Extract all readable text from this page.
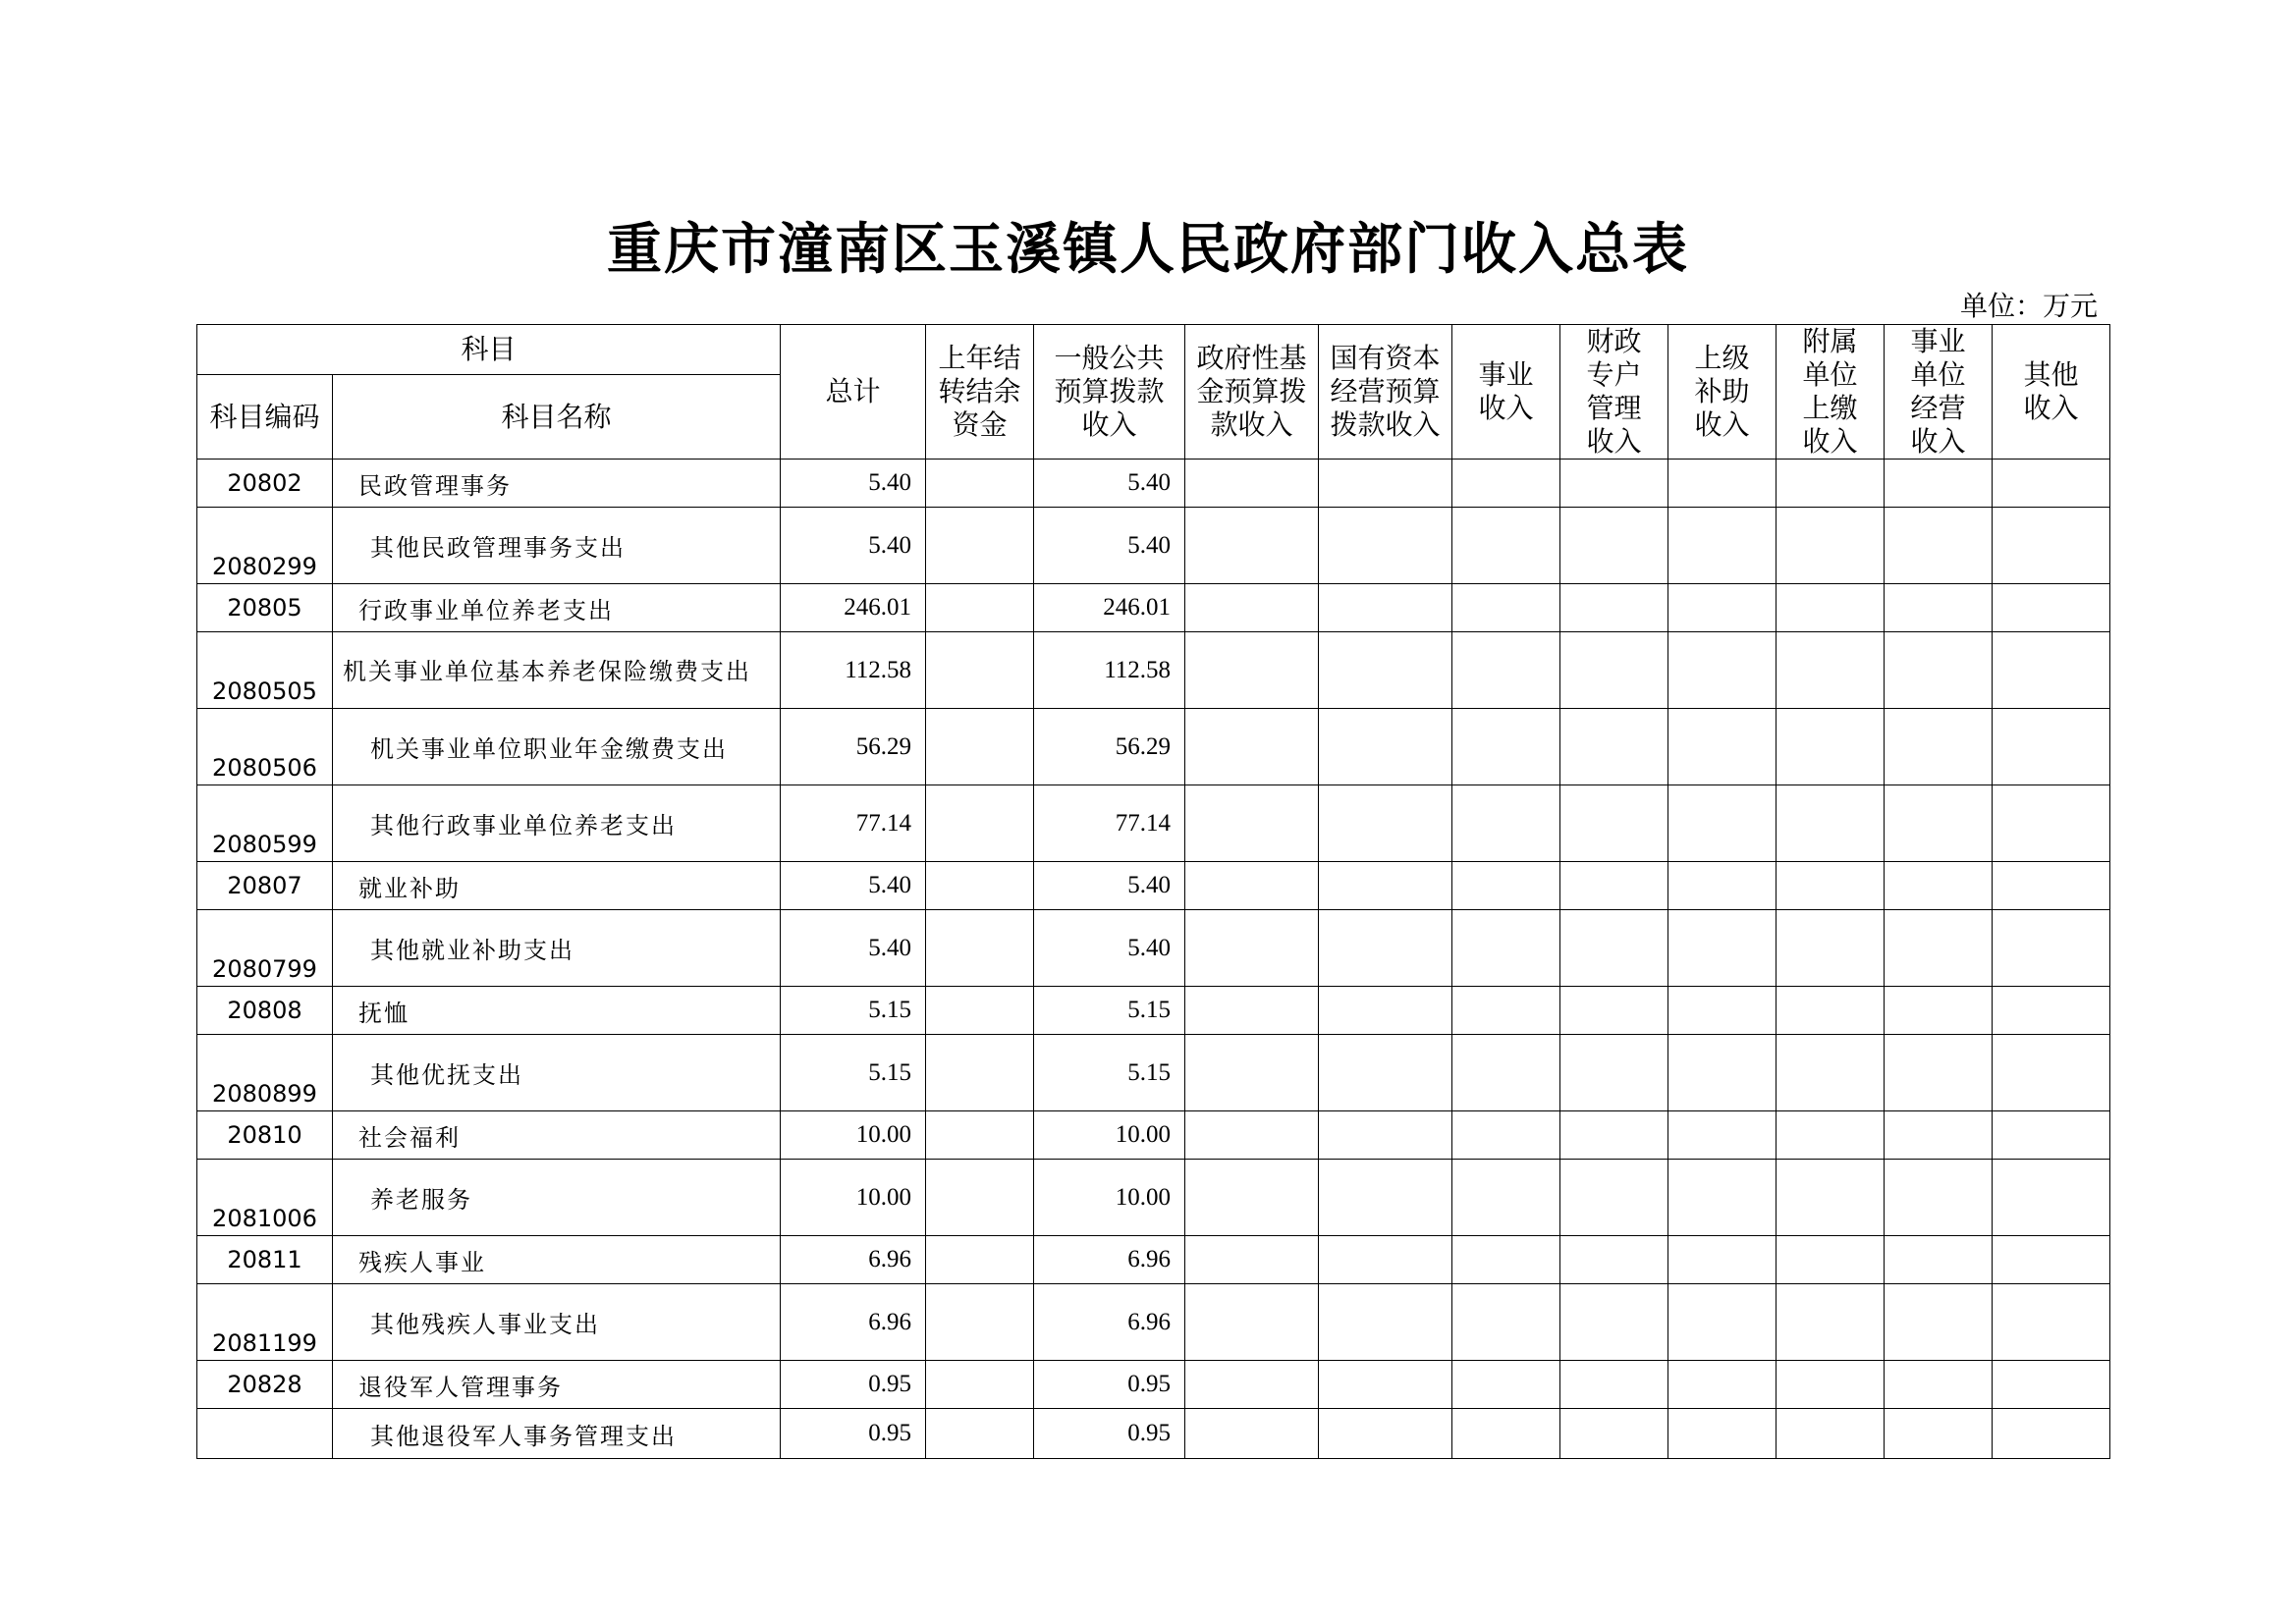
重庆市潼南区玉溪镇人民政府部门收入总表
单位：万元
科目		总计	上年结转结余资金	一般公共预算拨款收入	政府性基金预算拨款收入	国有资本经营预算拨款收入	事业收入	财政专户管理收入	上级补助收入	附属单位上缴收入	事业单位经营收入	其他收入

科目编码	科目名称											
20802	民政管理事务	5.40		5.40								
2080299	其他民政管理事务支出	5.40		5.40								
20805	行政事业单位养老支出	246.01		246.01								
2080505	机关事业单位基本养老保险缴费支出	112.58		112.58								
2080506	机关事业单位职业年金缴费支出	56.29		56.29								
2080599	其他行政事业单位养老支出	77.14		77.14								
20807	就业补助	5.40		5.40								
2080799	其他就业补助支出	5.40		5.40								
20808	抚恤	5.15		5.15								
2080899	其他优抚支出	5.15		5.15								
20810	社会福利	10.00		10.00								
2081006	养老服务	10.00		10.00								
20811	残疾人事业	6.96		6.96								
2081199	其他残疾人事业支出	6.96		6.96								
20828	退役军人管理事务	0.95		0.95								
	其他退役军人事务管理支出	0.95		0.95								
